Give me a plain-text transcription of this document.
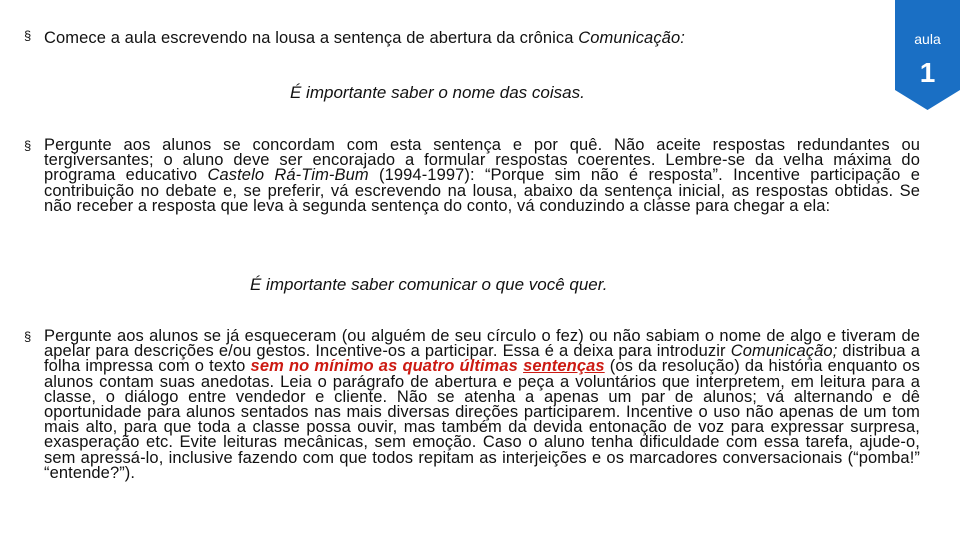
aula
1
§ Comece a aula escrevendo na lousa a sentença de abertura da crônica Comunicação:
É importante saber o nome das coisas.
§ Pergunte aos alunos se concordam com esta sentença e por quê. Não aceite respostas redundantes ou tergiversantes; o aluno deve ser encorajado a formular respostas coerentes. Lembre-se da velha máxima do programa educativo Castelo Rá-Tim-Bum (1994-1997): “Porque sim não é resposta”. Incentive participação e contribuição no debate e, se preferir, vá escrevendo na lousa, abaixo da sentença inicial, as respostas obtidas. Se não receber a resposta que leva à segunda sentença do conto, vá conduzindo a classe para chegar a ela:
É importante saber comunicar o que você quer.
§ Pergunte aos alunos se já esqueceram (ou alguém de seu círculo o fez) ou não sabiam o nome de algo e tiveram de apelar para descrições e/ou gestos. Incentive-os a participar. Essa é a deixa para introduzir Comunicação; distribua a folha impressa com o texto sem no mínimo as quatro últimas sentenças (os da resolução) da história enquanto os alunos contam suas anedotas. Leia o parágrafo de abertura e peça a voluntários que interpretem, em leitura para a classe, o diálogo entre vendedor e cliente. Não se atenha a apenas um par de alunos; vá alternando e dê oportunidade para alunos sentados nas mais diversas direções participarem. Incentive o uso não apenas de um tom mais alto, para que toda a classe possa ouvir, mas também da devida entonação de voz para expressar surpresa, exasperação etc. Evite leituras mecânicas, sem emoção. Caso o aluno tenha dificuldade com essa tarefa, ajude-o, sem apressá-lo, inclusive fazendo com que todos repitam as interjeições e os marcadores conversacionais (“pomba!” “entende?”).
